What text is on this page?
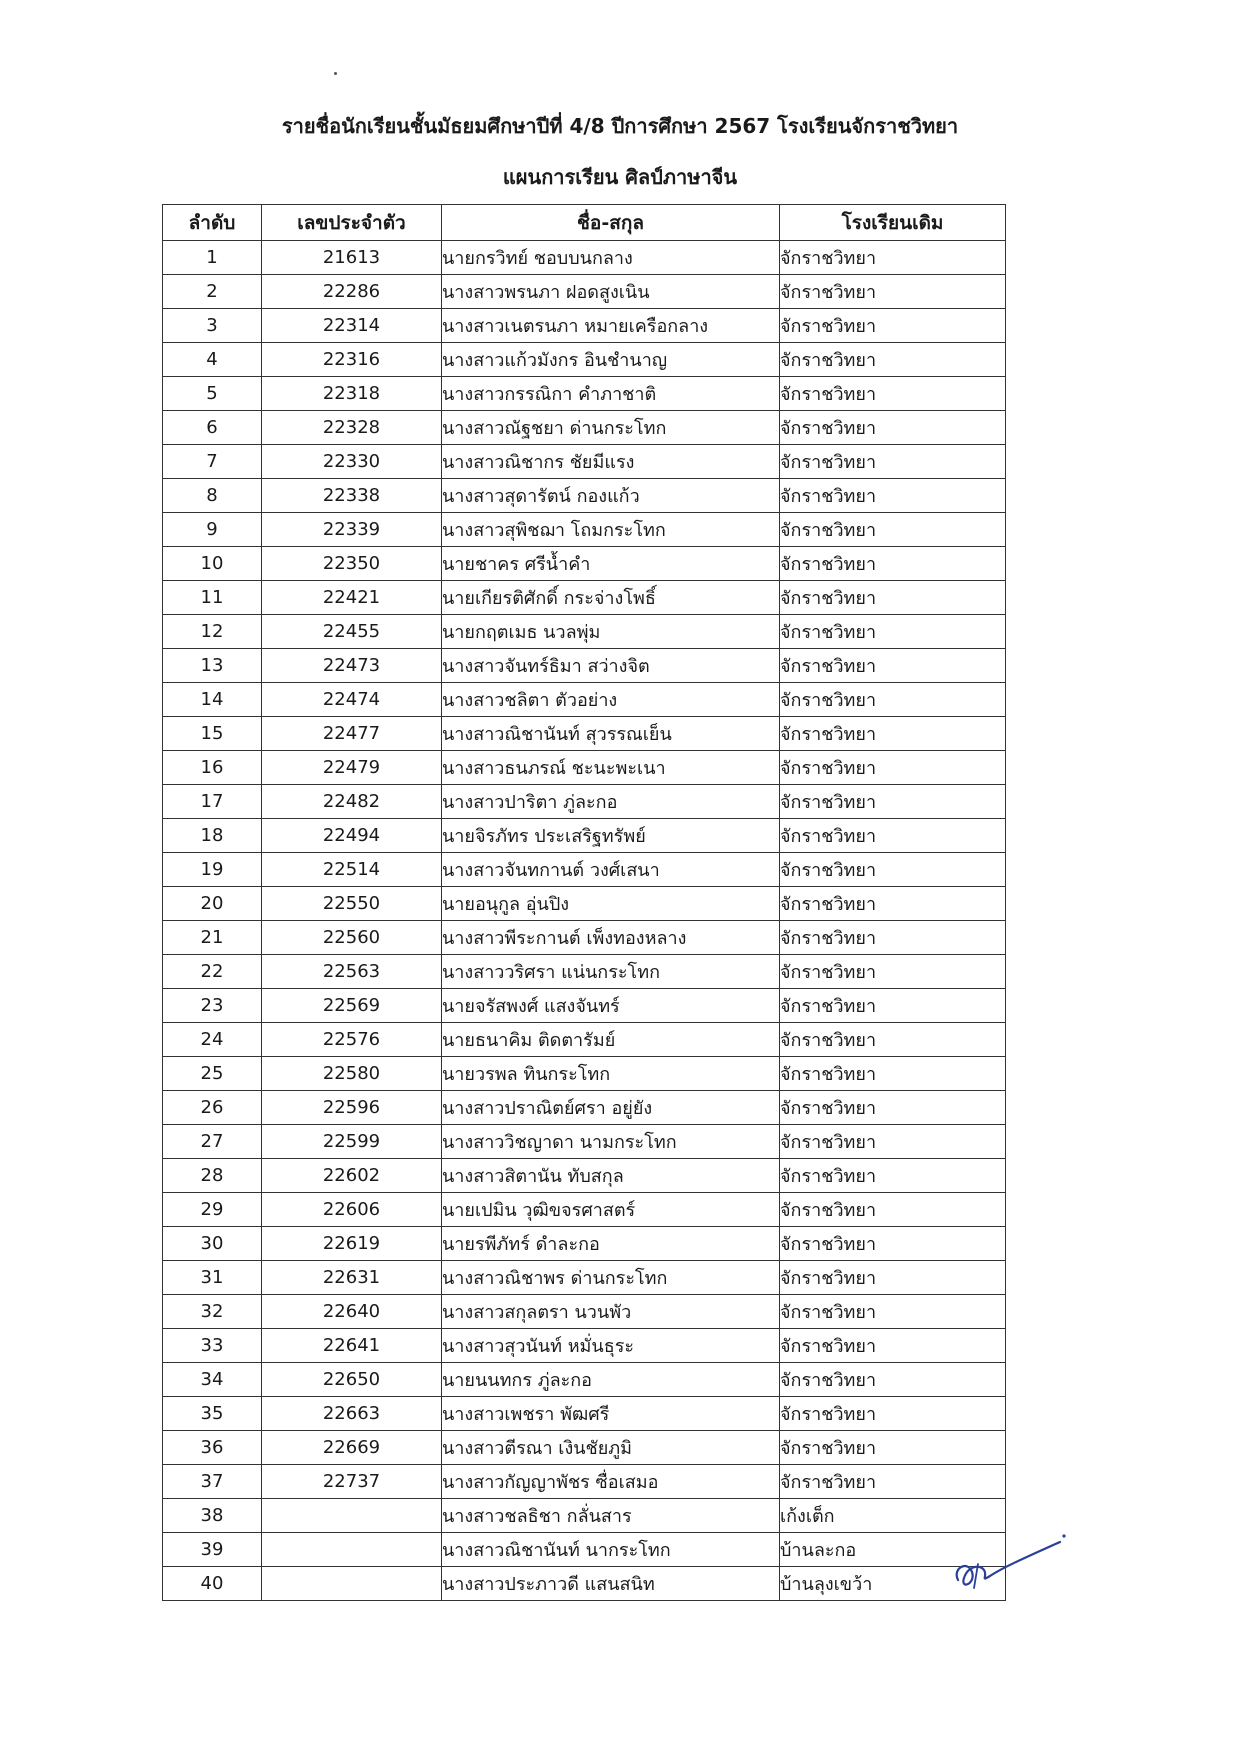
รายชื่อนักเรียนชั้นมัธยมศึกษาปีที่ 4/8 ปีการศึกษา 2567 โรงเรียนจักราชวิทยา
แผนการเรียน ศิลป์ภาษาจีน
ลำดับ	เลขประจำตัว	ชื่อ-สกุล	โรงเรียนเดิม
1	21613	นายกรวิทย์ ชอบบนกลาง	จักราชวิทยา
2	22286	นางสาวพรนภา ฝอดสูงเนิน	จักราชวิทยา
3	22314	นางสาวเนตรนภา หมายเครือกลาง	จักราชวิทยา
4	22316	นางสาวแก้วมังกร อินชำนาญ	จักราชวิทยา
5	22318	นางสาวกรรณิกา คำภาชาติ	จักราชวิทยา
6	22328	นางสาวณัฐชยา ด่านกระโทก	จักราชวิทยา
7	22330	นางสาวณิชากร ชัยมีแรง	จักราชวิทยา
8	22338	นางสาวสุดารัตน์ กองแก้ว	จักราชวิทยา
9	22339	นางสาวสุพิชฌา โถมกระโทก	จักราชวิทยา
10	22350	นายชาคร ศรีน้ำคำ	จักราชวิทยา
11	22421	นายเกียรติศักดิ์ กระจ่างโพธิ์	จักราชวิทยา
12	22455	นายกฤตเมธ นวลพุ่ม	จักราชวิทยา
13	22473	นางสาวจันทร์ธิมา สว่างจิต	จักราชวิทยา
14	22474	นางสาวชลิตา ตัวอย่าง	จักราชวิทยา
15	22477	นางสาวณิชานันท์ สุวรรณเย็น	จักราชวิทยา
16	22479	นางสาวธนภรณ์ ชะนะพะเนา	จักราชวิทยา
17	22482	นางสาวปาริตา ภู่ละกอ	จักราชวิทยา
18	22494	นายจิรภัทร ประเสริฐทรัพย์	จักราชวิทยา
19	22514	นางสาวจันทกานต์ วงศ์เสนา	จักราชวิทยา
20	22550	นายอนุกูล อุ่นปิง	จักราชวิทยา
21	22560	นางสาวพีระกานต์ เพ็งทองหลาง	จักราชวิทยา
22	22563	นางสาววริศรา แน่นกระโทก	จักราชวิทยา
23	22569	นายจรัสพงศ์ แสงจันทร์	จักราชวิทยา
24	22576	นายธนาคิม ติดตารัมย์	จักราชวิทยา
25	22580	นายวรพล ทินกระโทก	จักราชวิทยา
26	22596	นางสาวปราณิตย์ศรา อยู่ยัง	จักราชวิทยา
27	22599	นางสาววิชญาดา นามกระโทก	จักราชวิทยา
28	22602	นางสาวสิตานัน ทับสกุล	จักราชวิทยา
29	22606	นายเปมิน วุฒิขจรศาสตร์	จักราชวิทยา
30	22619	นายรพีภัทร์ ดำละกอ	จักราชวิทยา
31	22631	นางสาวณิชาพร ด่านกระโทก	จักราชวิทยา
32	22640	นางสาวสกุลตรา นวนพัว	จักราชวิทยา
33	22641	นางสาวสุวนันท์ หมั่นธุระ	จักราชวิทยา
34	22650	นายนนทกร ภู่ละกอ	จักราชวิทยา
35	22663	นางสาวเพชรา พัฒศรี	จักราชวิทยา
36	22669	นางสาวตีรณา เงินชัยภูมิ	จักราชวิทยา
37	22737	นางสาวกัญญาพัชร ซื่อเสมอ	จักราชวิทยา
38		นางสาวชลธิชา กลั่นสาร	เก้งเต็ก
39		นางสาวณิชานันท์ นากระโทก	บ้านละกอ
40		นางสาวประภาวดี แสนสนิท	บ้านลุงเขว้า
